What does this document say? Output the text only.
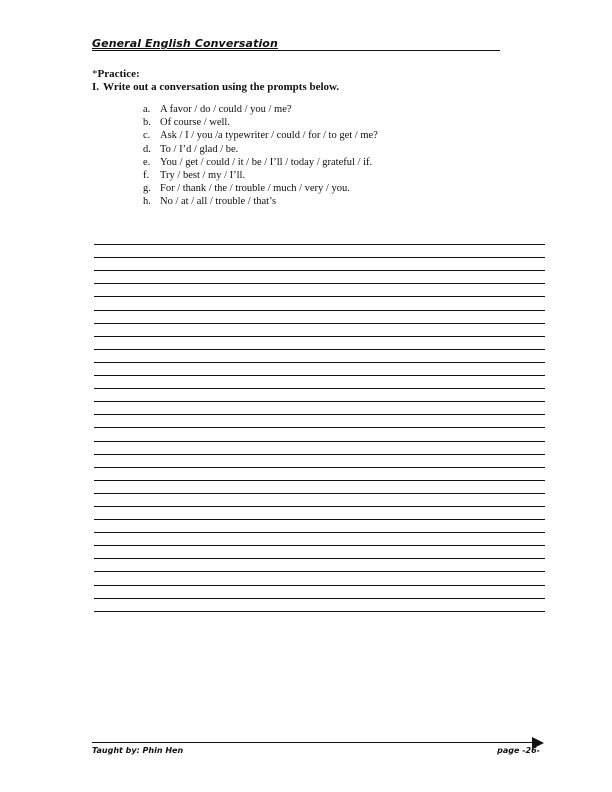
General English Conversation
*Practice:
I. Write out a conversation using the prompts below.
a. A favor / do / could / you / me?
b. Of course / well.
c. Ask / I / you /a typewriter / could / for / to get / me?
d. To / I’d / glad / be.
e. You / get / could / it / be / I’ll / today / grateful / if.
f. Try / best / my / I’ll.
g. For / thank / the / trouble / much / very / you.
h. No / at / all / trouble / that’s
Taught by: Phin Hen	page -26-
